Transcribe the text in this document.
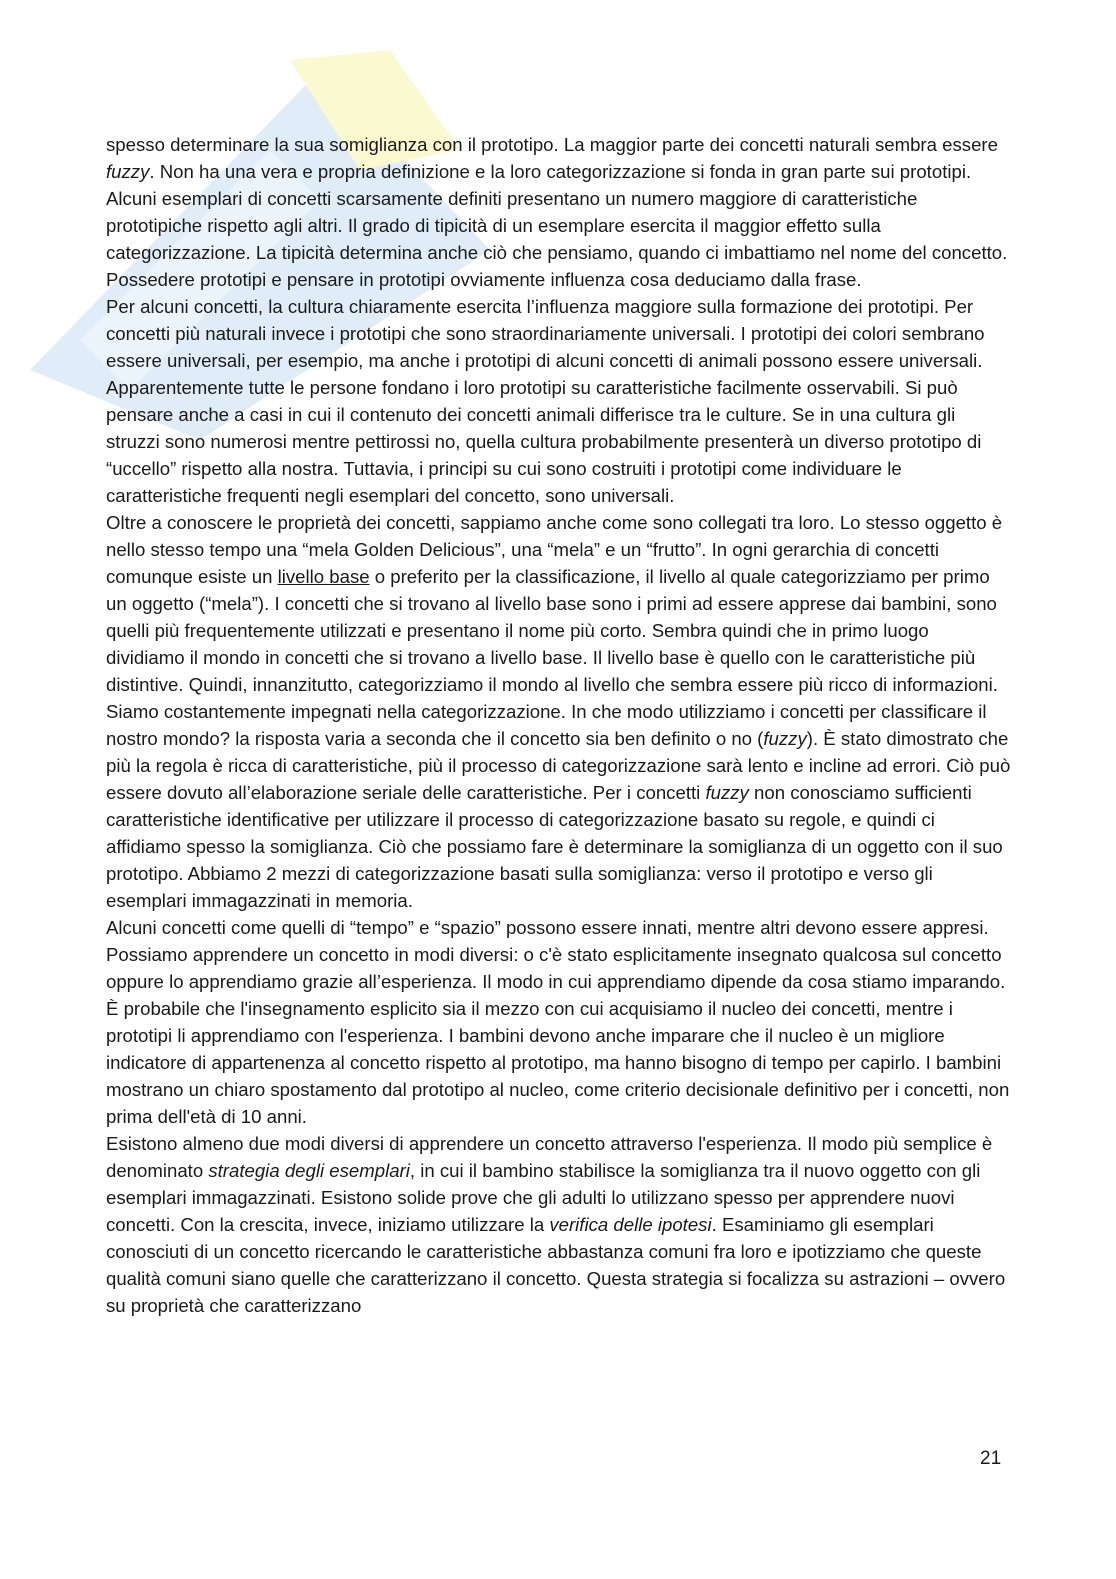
spesso determinare la sua somiglianza con il prototipo. La maggior parte dei concetti naturali sembra essere fuzzy. Non ha una vera e propria definizione e la loro categorizzazione si fonda in gran parte sui prototipi. Alcuni esemplari di concetti scarsamente definiti presentano un numero maggiore di caratteristiche prototipiche rispetto agli altri. Il grado di tipicità di un esemplare esercita il maggior effetto sulla categorizzazione. La tipicità determina anche ciò che pensiamo, quando ci imbattiamo nel nome del concetto. Possedere prototipi e pensare in prototipi ovviamente influenza cosa deduciamo dalla frase.

Per alcuni concetti, la cultura chiaramente esercita l’influenza maggiore sulla formazione dei prototipi. Per concetti più naturali invece i prototipi che sono straordinariamente universali. I prototipi dei colori sembrano essere universali, per esempio, ma anche i prototipi di alcuni concetti di animali possono essere universali. Apparentemente tutte le persone fondano i loro prototipi su caratteristiche facilmente osservabili. Si può pensare anche a casi in cui il contenuto dei concetti animali differisce tra le culture. Se in una cultura gli struzzi sono numerosi mentre pettirossi no, quella cultura probabilmente presenterà un diverso prototipo di “uccello” rispetto alla nostra. Tuttavia, i principi su cui sono costruiti i prototipi come individuare le caratteristiche frequenti negli esemplari del concetto, sono universali.

Oltre a conoscere le proprietà dei concetti, sappiamo anche come sono collegati tra loro. Lo stesso oggetto è nello stesso tempo una “mela Golden Delicious”, una “mela” e un “frutto”. In ogni gerarchia di concetti comunque esiste un livello base o preferito per la classificazione, il livello al quale categorizziamo per primo un oggetto (“mela”). I concetti che si trovano al livello base sono i primi ad essere apprese dai bambini, sono quelli più frequentemente utilizzati e presentano il nome più corto. Sembra quindi che in primo luogo dividiamo il mondo in concetti che si trovano a livello base. Il livello base è quello con le caratteristiche più distintive. Quindi, innanzitutto, categorizziamo il mondo al livello che sembra essere più ricco di informazioni.

Siamo costantemente impegnati nella categorizzazione. In che modo utilizziamo i concetti per classificare il nostro mondo? la risposta varia a seconda che il concetto sia ben definito o no (fuzzy). È stato dimostrato che più la regola è ricca di caratteristiche, più il processo di categorizzazione sarà lento e incline ad errori. Ciò può essere dovuto all’elaborazione seriale delle caratteristiche. Per i concetti fuzzy non conosciamo sufficienti caratteristiche identificative per utilizzare il processo di categorizzazione basato su regole, e quindi ci affidiamo spesso la somiglianza. Ciò che possiamo fare è determinare la somiglianza di un oggetto con il suo prototipo. Abbiamo 2 mezzi di categorizzazione basati sulla somiglianza: verso il prototipo e verso gli esemplari immagazzinati in memoria.

Alcuni concetti come quelli di “tempo” e “spazio” possono essere innati, mentre altri devono essere appresi.

Possiamo apprendere un concetto in modi diversi: o c'è stato esplicitamente insegnato qualcosa sul concetto oppure lo apprendiamo grazie all’esperienza. Il modo in cui apprendiamo dipende da cosa stiamo imparando. È probabile che l'insegnamento esplicito sia il mezzo con cui acquisiamo il nucleo dei concetti, mentre i prototipi li apprendiamo con l'esperienza. I bambini devono anche imparare che il nucleo è un migliore indicatore di appartenenza al concetto rispetto al prototipo, ma hanno bisogno di tempo per capirlo. I bambini mostrano un chiaro spostamento dal prototipo al nucleo, come criterio decisionale definitivo per i concetti, non prima dell'età di 10 anni.

Esistono almeno due modi diversi di apprendere un concetto attraverso l'esperienza. Il modo più semplice è denominato strategia degli esemplari, in cui il bambino stabilisce la somiglianza tra il nuovo oggetto con gli esemplari immagazzinati. Esistono solide prove che gli adulti lo utilizzano spesso per apprendere nuovi concetti. Con la crescita, invece, iniziamo utilizzare la verifica delle ipotesi. Esaminiamo gli esemplari conosciuti di un concetto ricercando le caratteristiche abbastanza comuni fra loro e ipotizziamo che queste qualità comuni siano quelle che caratterizzano il concetto. Questa strategia si focalizza su astrazioni – ovvero su proprietà che caratterizzano

21
